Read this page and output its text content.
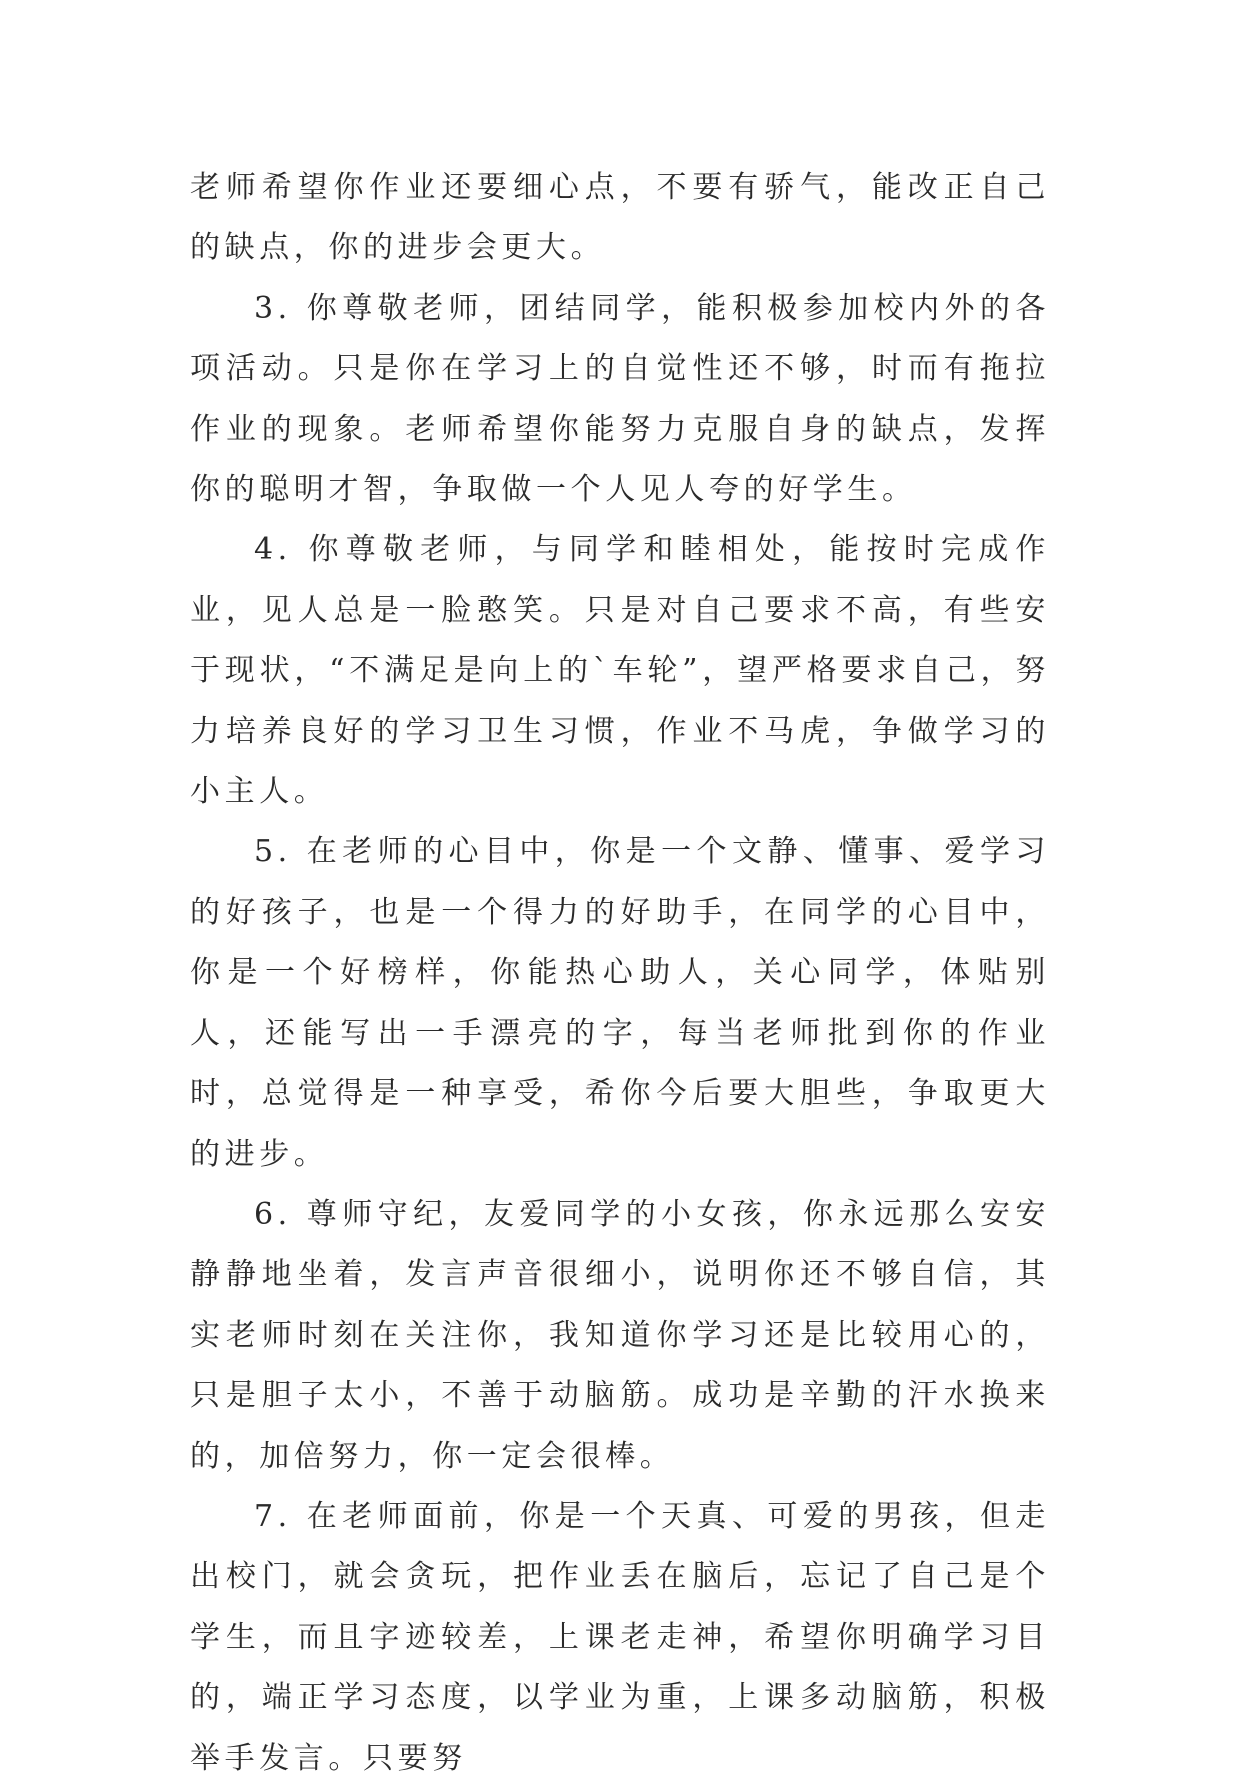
老师希望你作业还要细心点，不要有骄气，能改正自己的缺点，你的进步会更大。

3. 你尊敬老师，团结同学，能积极参加校内外的各项活动。只是你在学习上的自觉性还不够，时而有拖拉作业的现象。老师希望你能努力克服自身的缺点，发挥你的聪明才智，争取做一个人见人夸的好学生。

4. 你尊敬老师，与同学和睦相处，能按时完成作业，见人总是一脸憨笑。只是对自己要求不高，有些安于现状，“不满足是向上的`车轮”，望严格要求自己，努力培养良好的学习卫生习惯，作业不马虎，争做学习的小主人。

5. 在老师的心目中，你是一个文静、懂事、爱学习的好孩子，也是一个得力的好助手，在同学的心目中，你是一个好榜样，你能热心助人，关心同学，体贴别人，还能写出一手漂亮的字，每当老师批到你的作业时，总觉得是一种享受，希你今后要大胆些，争取更大的进步。

6. 尊师守纪，友爱同学的小女孩，你永远那么安安静静地坐着，发言声音很细小，说明你还不够自信，其实老师时刻在关注你，我知道你学习还是比较用心的，只是胆子太小，不善于动脑筋。成功是辛勤的汗水换来的，加倍努力，你一定会很棒。

7. 在老师面前，你是一个天真、可爱的男孩，但走出校门，就会贪玩，把作业丢在脑后，忘记了自己是个学生，而且字迹较差，上课老走神，希望你明确学习目的，端正学习态度，以学业为重，上课多动脑筋，积极举手发言。只要努
